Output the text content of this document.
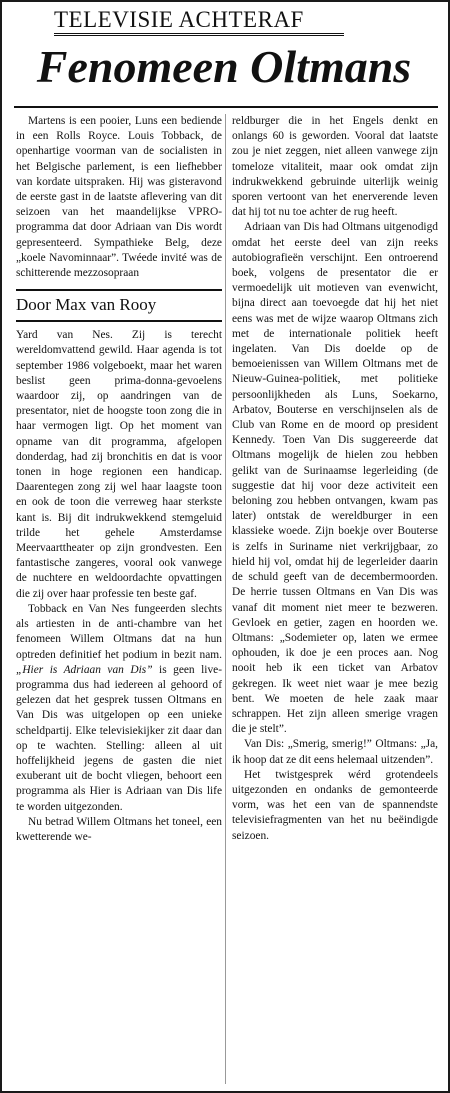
TELEVISIE ACHTERAF
Fenomeen Oltmans

Martens is een pooier, Luns een bediende in een Rolls Royce. Louis Tobback, de openhartige voorman van de socialisten in het Belgische parlement, is een liefhebber van kordate uitspraken. Hij was gisteravond de eerste gast in de laatste aflevering van dit seizoen van het maandelijkse VPRO-programma dat door Adriaan van Dis wordt gepresenteerd. Sympathieke Belg, deze „koele Navominnaar”. Twéede invité was de schitterende mezzosopraan

Door Max van Rooy

Yard van Nes. Zij is terecht wereldomvattend gewild. Haar agenda is tot september 1986 volgeboekt, maar het waren beslist geen prima-donna-gevoelens waardoor zij, op aandringen van de presentator, niet de hoogste toon zong die in haar vermogen ligt. Op het moment van opname van dit programma, afgelopen donderdag, had zij bronchitis en dat is voor tonen in hoge regionen een handicap. Daarentegen zong zij wel haar laagste toon en ook de toon die verreweg haar sterkste kant is. Bij dit indrukwekkend stemgeluid trilde het gehele Amsterdamse Meervaarttheater op zijn grondvesten. Een fantastische zangeres, vooral ook vanwege de nuchtere en weldoordachte opvattingen die zij over haar professie ten beste gaf.

Tobback en Van Nes fungeerden slechts als artiesten in de anti-chambre van het fenomeen Willem Oltmans dat na hun optreden definitief het podium in bezit nam. „Hier is Adriaan van Dis” is geen live-programma dus had iedereen al gehoord of gelezen dat het gesprek tussen Oltmans en Van Dis was uitgelopen op een unieke scheldpartij. Elke televisiekijker zit daar dan op te wachten. Stelling: alleen al uit hoffelijkheid jegens de gasten die niet exuberant uit de bocht vliegen, behoort een programma als Hier is Adriaan van Dis life te worden uitgezonden.

Nu betrad Willem Oltmans het toneel, een kwetterende we-

reldburger die in het Engels denkt en onlangs 60 is geworden. Vooral dat laatste zou je niet zeggen, niet alleen vanwege zijn tomeloze vitaliteit, maar ook omdat zijn indrukwekkend gebruinde uiterlijk weinig sporen vertoont van het enerverende leven dat hij tot nu toe achter de rug heeft.

Adriaan van Dis had Oltmans uitgenodigd omdat het eerste deel van zijn reeks autobiografieën verschijnt. Een ontroerend boek, volgens de presentator die er vermoedelijk uit motieven van evenwicht, bijna direct aan toevoegde dat hij het niet eens was met de wijze waarop Oltmans zich met de internationale politiek heeft ingelaten. Van Dis doelde op de bemoeienissen van Willem Oltmans met de Nieuw-Guinea-politiek, met politieke persoonlijkheden als Luns, Soekarno, Arbatov, Bouterse en verschijnselen als de Club van Rome en de moord op president Kennedy. Toen Van Dis suggereerde dat Oltmans mogelijk de hielen zou hebben gelikt van de Surinaamse legerleiding (de suggestie dat hij voor deze activiteit een beloning zou hebben ontvangen, kwam pas later) ontstak de wereldburger in een klassieke woede. Zijn boekje over Bouterse is zelfs in Suriname niet verkrijgbaar, zo hield hij vol, omdat hij de legerleider daarin de schuld geeft van de decembermoorden. De herrie tussen Oltmans en Van Dis was vanaf dit moment niet meer te bezweren. Gevloek en getier, zagen en hoorden we. Oltmans: „Sodemieter op, laten we ermee ophouden, ik doe je een proces aan. Nog nooit heb ik een ticket van Arbatov gekregen. Ik weet niet waar je mee bezig bent. We moeten de hele zaak maar schrappen. Het zijn alleen smerige vragen die je stelt”.

Van Dis: „Smerig, smerig!” Oltmans: „Ja, ik hoop dat ze dit eens helemaal uitzenden”.

Het twistgesprek wérd grotendeels uitgezonden en ondanks de gemonteerde vorm, was het een van de spannendste televisiefragmenten van het nu beëindigde seizoen.
